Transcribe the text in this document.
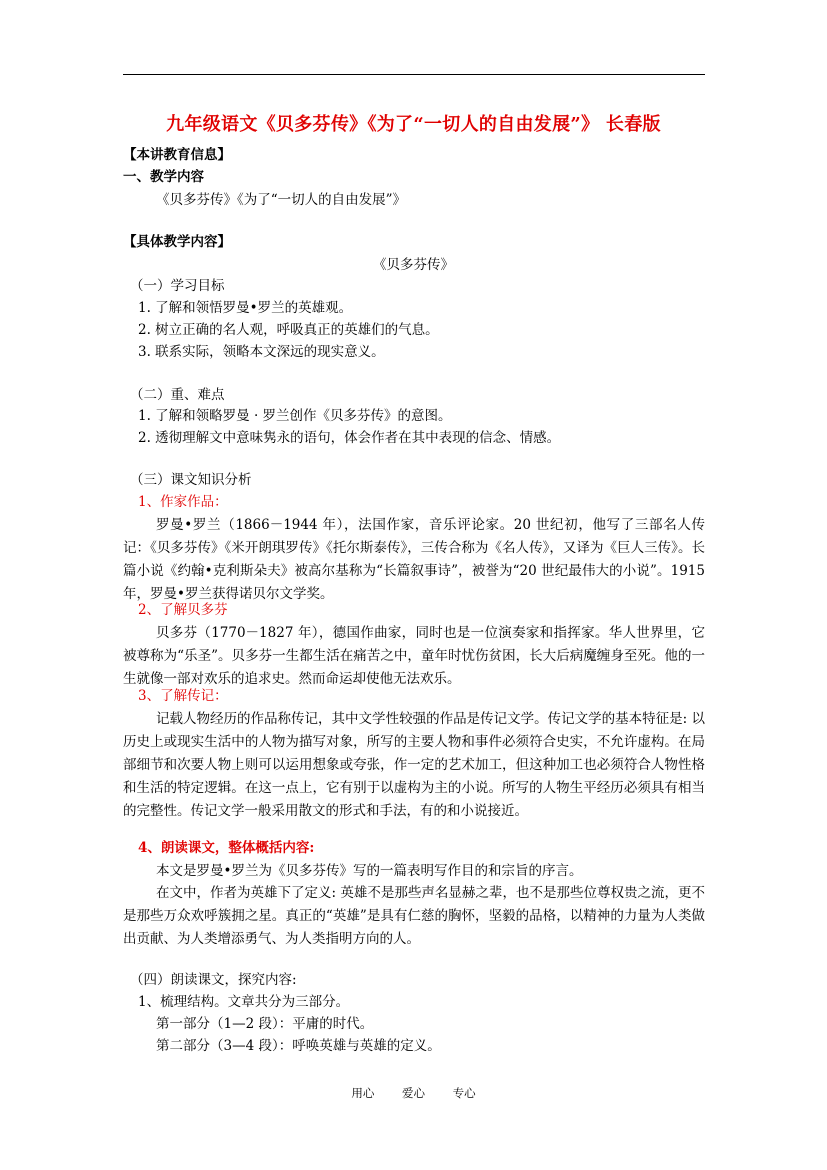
九年级语文《贝多芬传》《为了“一切人的自由发展”》 长春版
【本讲教育信息】
一、教学内容
《贝多芬传》《为了“一切人的自由发展”》
【具体教学内容】
《贝多芬传》
（一）学习目标
1. 了解和领悟罗曼•罗兰的英雄观。
2. 树立正确的名人观，呼吸真正的英雄们的气息。
3. 联系实际，领略本文深远的现实意义。
（二）重、难点
1. 了解和领略罗曼 · 罗兰创作《贝多芬传》的意图。
2. 透彻理解文中意味隽永的语句，体会作者在其中表现的信念、情感。
（三）课文知识分析
1、作家作品：
罗曼•罗兰（1866－1944 年），法国作家，音乐评论家。20 世纪初，他写了三部名人传记：《贝多芬传》《米开朗琪罗传》《托尔斯泰传》，三传合称为《名人传》，又译为《巨人三传》。长篇小说《约翰•克利斯朵夫》被高尔基称为“长篇叙事诗”，被誉为“20 世纪最伟大的小说”。1915 年，罗曼•罗兰获得诺贝尔文学奖。
2、了解贝多芬
贝多芬（1770－1827 年），德国作曲家，同时也是一位演奏家和指挥家。华人世界里，它被尊称为“乐圣”。贝多芬一生都生活在痛苦之中，童年时忧伤贫困，长大后病魔缠身至死。他的一生就像一部对欢乐的追求史。然而命运却使他无法欢乐。
3、了解传记：
记载人物经历的作品称传记，其中文学性较强的作品是传记文学。传记文学的基本特征是: 以历史上或现实生活中的人物为描写对象，所写的主要人物和事件必须符合史实，不允许虚构。在局部细节和次要人物上则可以运用想象或夸张，作一定的艺术加工，但这种加工也必须符合人物性格和生活的特定逻辑。在这一点上，它有别于以虚构为主的小说。所写的人物生平经历必须具有相当的完整性。传记文学一般采用散文的形式和手法，有的和小说接近。
4、朗读课文，整体概括内容:
本文是罗曼•罗兰为《贝多芬传》写的一篇表明写作目的和宗旨的序言。
在文中，作者为英雄下了定义: 英雄不是那些声名显赫之辈，也不是那些位尊权贵之流，更不是那些万众欢呼簇拥之星。真正的“英雄”是具有仁慈的胸怀，坚毅的品格，以精神的力量为人类做出贡献、为人类增添勇气、为人类指明方向的人。
（四）朗读课文，探究内容:
1、梳理结构。文章共分为三部分。
第一部分（1—2 段）：平庸的时代。
第二部分（3—4 段）：呼唤英雄与英雄的定义。
用心 爱心 专心
